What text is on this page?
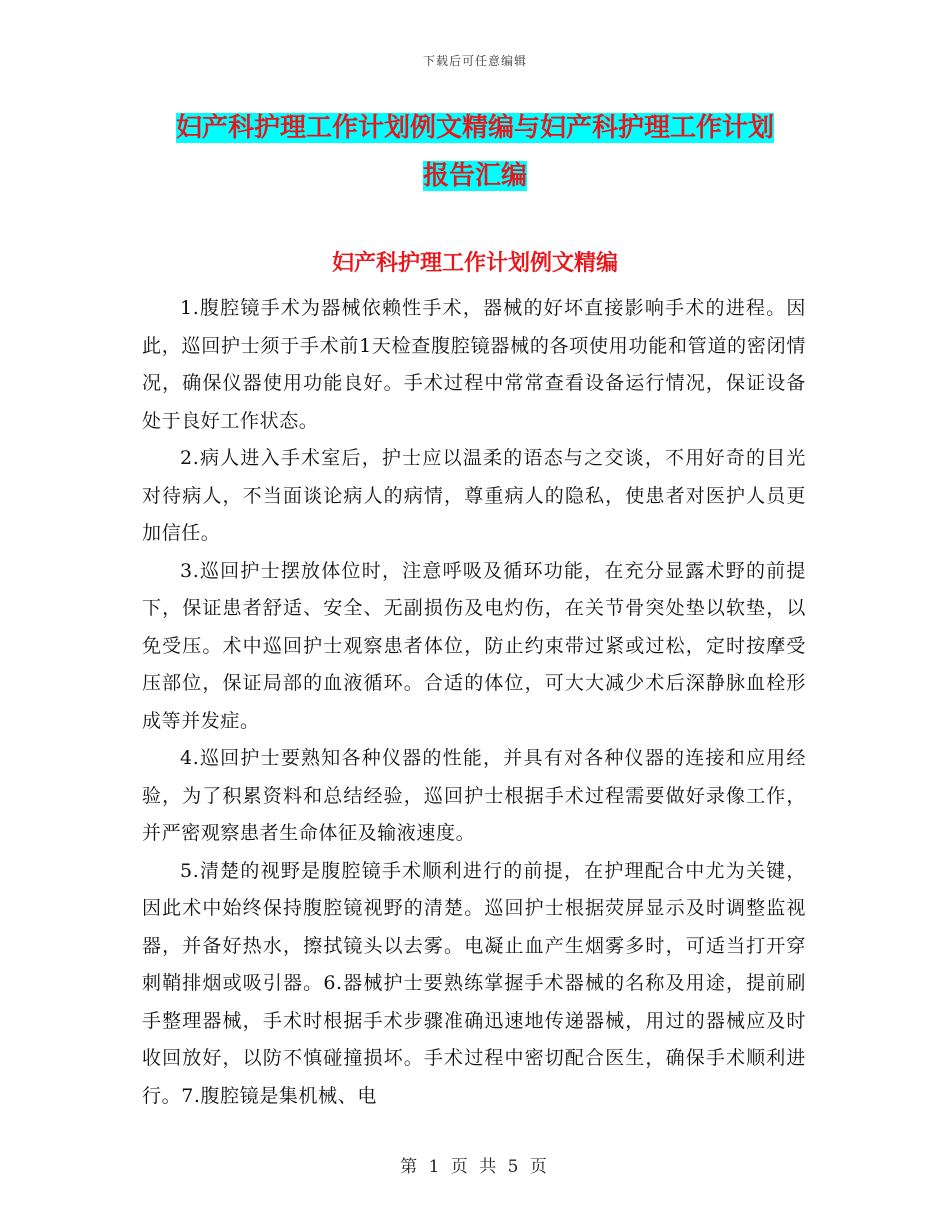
下载后可任意编辑
妇产科护理工作计划例文精编与妇产科护理工作计划
报告汇编
妇产科护理工作计划例文精编

1.腹腔镜手术为器械依赖性手术，器械的好坏直接影响手术的进程。因此，巡回护士须于手术前1天检查腹腔镜器械的各项使用功能和管道的密闭情况，确保仪器使用功能良好。手术过程中常常查看设备运行情况，保证设备处于良好工作状态。

2.病人进入手术室后，护士应以温柔的语态与之交谈，不用好奇的目光对待病人，不当面谈论病人的病情，尊重病人的隐私，使患者对医护人员更加信任。

3.巡回护士摆放体位时，注意呼吸及循环功能，在充分显露术野的前提下，保证患者舒适、安全、无副损伤及电灼伤，在关节骨突处垫以软垫，以免受压。术中巡回护士观察患者体位，防止约束带过紧或过松，定时按摩受压部位，保证局部的血液循环。合适的体位，可大大减少术后深静脉血栓形成等并发症。

4.巡回护士要熟知各种仪器的性能，并具有对各种仪器的连接和应用经验，为了积累资料和总结经验，巡回护士根据手术过程需要做好录像工作，并严密观察患者生命体征及输液速度。

5.清楚的视野是腹腔镜手术顺利进行的前提，在护理配合中尤为关键，因此术中始终保持腹腔镜视野的清楚。巡回护士根据荧屏显示及时调整监视器，并备好热水，擦拭镜头以去雾。电凝止血产生烟雾多时，可适当打开穿刺鞘排烟或吸引器。6.器械护士要熟练掌握手术器械的名称及用途，提前刷手整理器械，手术时根据手术步骤准确迅速地传递器械，用过的器械应及时收回放好，以防不慎碰撞损坏。手术过程中密切配合医生，确保手术顺利进行。7.腹腔镜是集机械、电

第 1 页 共 5 页
